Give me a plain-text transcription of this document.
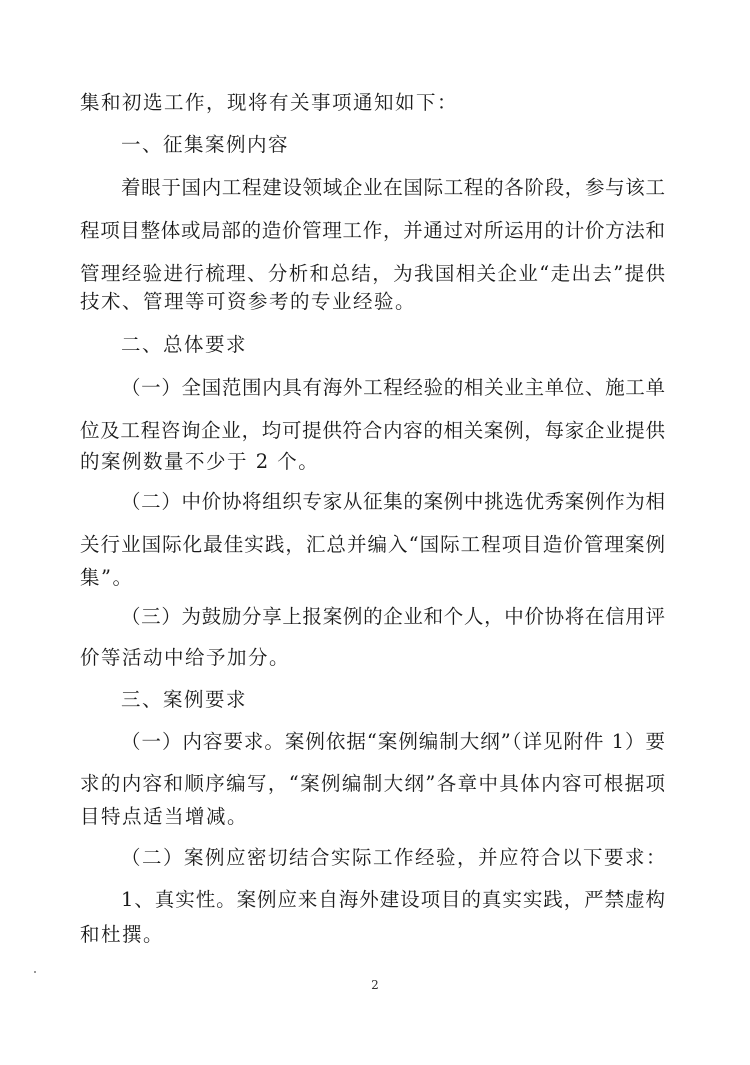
集和初选工作，现将有关事项通知如下：
一、征集案例内容
着眼于国内工程建设领域企业在国际工程的各阶段，参与该工
程项目整体或局部的造价管理工作，并通过对所运用的计价方法和
管理经验进行梳理、分析和总结，为我国相关企业“走出去”提供
技术、管理等可资参考的专业经验。
二、总体要求
（一）全国范围内具有海外工程经验的相关业主单位、施工单
位及工程咨询企业，均可提供符合内容的相关案例，每家企业提供
的案例数量不少于 2 个。
（二）中价协将组织专家从征集的案例中挑选优秀案例作为相
关行业国际化最佳实践，汇总并编入“国际工程项目造价管理案例
集”。
（三）为鼓励分享上报案例的企业和个人，中价协将在信用评
价等活动中给予加分。
三、案例要求
（一）内容要求。案例依据“案例编制大纲”（详见附件 1）要
求的内容和顺序编写，“案例编制大纲”各章中具体内容可根据项
目特点适当增减。
（二）案例应密切结合实际工作经验，并应符合以下要求：
1、真实性。案例应来自海外建设项目的真实实践，严禁虚构
和杜撰。
2
